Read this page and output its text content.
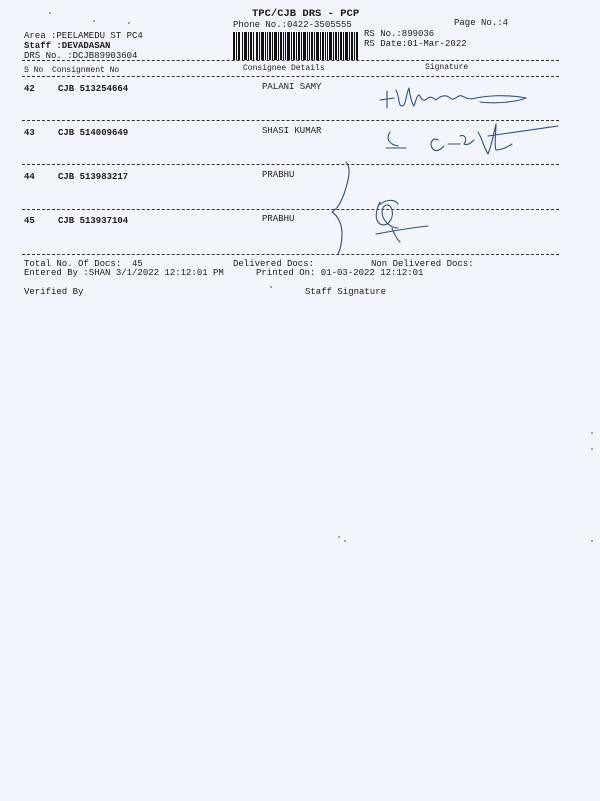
TPC/CJB DRS - PCP
Phone No.:0422-3505555	Page No.:4
Area :PEELAMEDU ST PC4
Staff :DEVADASAN
DRS No. :DCJB89903604
RS No.:899036
RS Date:01-Mar-2022
S No Consignment No	Consignee Details	Signature
42	CJB 513254664	PALANI SAMY
43	CJB 514009649	SHASI KUMAR
44	CJB 513983217	PRABHU
45	CJB 513937104	PRABHU
Total No. Of Docs:  45	Delivered Docs:	Non Delivered Docs:
Entered By :SHAN 3/1/2022 12:12:01 PM	Printed On: 01-03-2022 12:12:01
Verified By	Staff Signature
